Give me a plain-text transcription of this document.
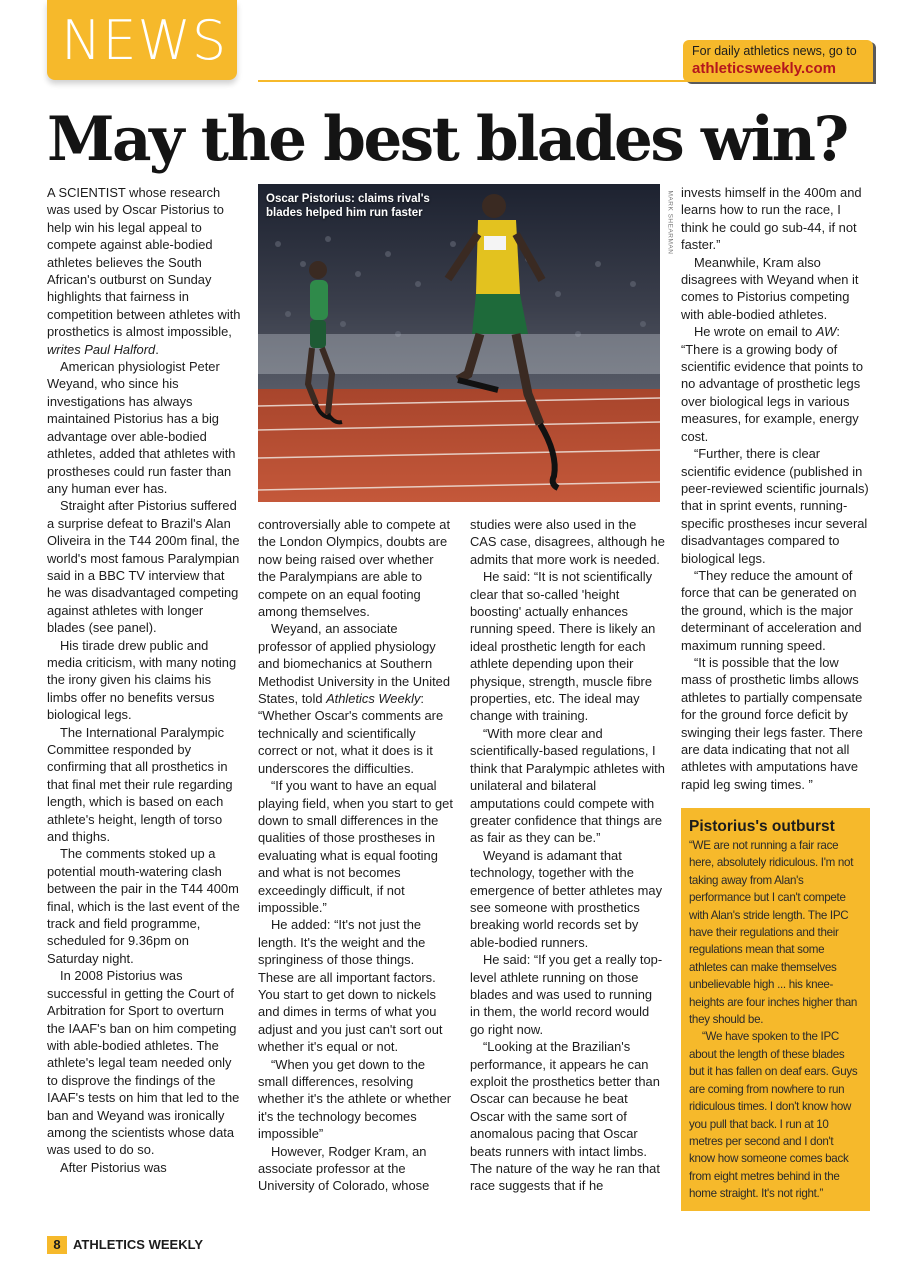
NEWS	For daily athletics news, go to
athleticsweekly.com
May the best blades win?

A SCIENTIST whose research was used by Oscar Pistorius to help win his legal appeal to compete against able-bodied athletes believes the South African's outburst on Sunday highlights that fairness in competition between athletes with prosthetics is almost impossible, writes Paul Halford.

American physiologist Peter Weyand, who since his investigations has always maintained Pistorius has a big advantage over able-bodied athletes, added that athletes with prostheses could run faster than any human ever has.

Straight after Pistorius suffered a surprise defeat to Brazil's Alan Oliveira in the T44 200m final, the world's most famous Paralympian said in a BBC TV interview that he was disadvantaged competing against athletes with longer blades (see panel).

His tirade drew public and media criticism, with many noting the irony given his claims his limbs offer no benefits versus biological legs.

The International Paralympic Committee responded by confirming that all prosthetics in that final met their rule regarding length, which is based on each athlete's height, length of torso and thighs.

The comments stoked up a potential mouth-watering clash between the pair in the T44 400m final, which is the last event of the track and field programme, scheduled for 9.36pm on Saturday night.

In 2008 Pistorius was successful in getting the Court of Arbitration for Sport to overturn the IAAF's ban on him competing with able-bodied athletes. The athlete's legal team needed only to disprove the findings of the IAAF's tests on him that led to the ban and Weyand was ironically among the scientists whose data was used to do so.

After Pistorius was

Oscar Pistorius: claims rival's blades helped him run faster	MARK SHEARMAN

controversially able to compete at the London Olympics, doubts are now being raised over whether the Paralympians are able to compete on an equal footing among themselves.

Weyand, an associate professor of applied physiology and biomechanics at Southern Methodist University in the United States, told Athletics Weekly: “Whether Oscar's comments are technically and scientifically correct or not, what it does is it underscores the difficulties.

“If you want to have an equal playing field, when you start to get down to small differences in the qualities of those prostheses in evaluating what is equal footing and what is not becomes exceedingly difficult, if not impossible.”

He added: “It's not just the length. It's the weight and the springiness of those things. These are all important factors. You start to get down to nickels and dimes in terms of what you adjust and you just can't sort out whether it's equal or not.

“When you get down to the small differences, resolving whether it's the athlete or whether it's the technology becomes impossible”

However, Rodger Kram, an associate professor at the University of Colorado, whose

studies were also used in the CAS case, disagrees, although he admits that more work is needed.

He said: “It is not scientifically clear that so-called 'height boosting' actually enhances running speed. There is likely an ideal prosthetic length for each athlete depending upon their physique, strength, muscle fibre properties, etc. The ideal may change with training.

“With more clear and scientifically-based regulations, I think that Paralympic athletes with unilateral and bilateral amputations could compete with greater confidence that things are as fair as they can be.”

Weyand is adamant that technology, together with the emergence of better athletes may see someone with prosthetics breaking world records set by able-bodied runners.

He said: “If you get a really top-level athlete running on those blades and was used to running in them, the world record would go right now.

“Looking at the Brazilian's performance, it appears he can exploit the prosthetics better than Oscar can because he beat Oscar with the same sort of anomalous pacing that Oscar beats runners with intact limbs. The nature of the way he ran that race suggests that if he

invests himself in the 400m and learns how to run the race, I think he could go sub-44, if not faster.”

Meanwhile, Kram also disagrees with Weyand when it comes to Pistorius competing with able-bodied athletes.

He wrote on email to AW: “There is a growing body of scientific evidence that points to no advantage of prosthetic legs over biological legs in various measures, for example, energy cost.

“Further, there is clear scientific evidence (published in peer-reviewed scientific journals) that in sprint events, running-specific prostheses incur several disadvantages compared to biological legs.

“They reduce the amount of force that can be generated on the ground, which is the major determinant of acceleration and maximum running speed.

“It is possible that the low mass of prosthetic limbs allows athletes to partially compensate for the ground force deficit by swinging their legs faster. There are data indicating that not all athletes with amputations have rapid leg swing times. ”

Pistorius's outburst

“WE are not running a fair race here, absolutely ridiculous. I'm not taking away from Alan's performance but I can't compete with Alan's stride length. The IPC have their regulations and their regulations mean that some athletes can make themselves unbelievable high ... his knee-heights are four inches higher than they should be.

“We have spoken to the IPC about the length of these blades but it has fallen on deaf ears. Guys are coming from nowhere to run ridiculous times. I don't know how you pull that back. I run at 10 metres per second and I don't know how someone comes back from eight metres behind in the home straight. It's not right.”

8 ATHLETICS WEEKLY
